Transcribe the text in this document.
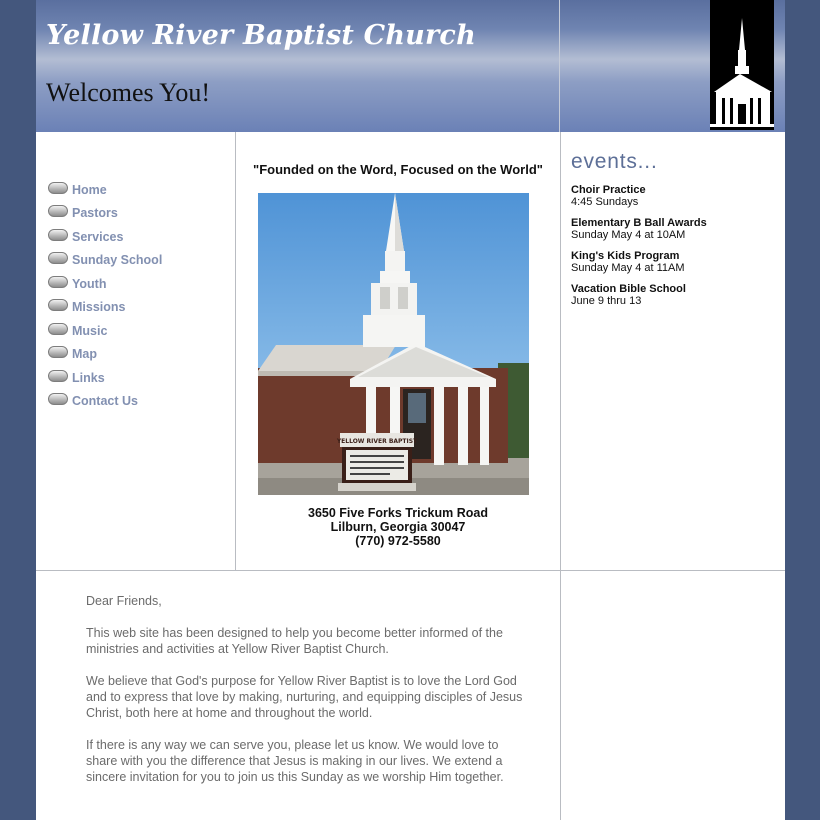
Yellow River Baptist Church
Welcomes You!
Home
Pastors
Services
Sunday School
Youth
Missions
Music
Map
Links
Contact Us
"Founded on the Word, Focused on the World"
YELLOW RIVER BAPTIST
3650 Five Forks Trickum Road
Lilburn, Georgia 30047
(770) 972-5580
events...
Choir Practice
4:45 Sundays
Elementary B Ball Awards
Sunday May 4 at 10AM
King's Kids Program
Sunday May 4 at 11AM
Vacation Bible School
June 9 thru 13

Dear Friends,

This web site has been designed to help you become better informed of the ministries and activities at Yellow River Baptist Church.

We believe that God's purpose for Yellow River Baptist is to love the Lord God and to express that love by making, nurturing, and equipping disciples of Jesus Christ, both here at home and throughout the world.

If there is any way we can serve you, please let us know. We would love to share with you the difference that Jesus is making in our lives. We extend a sincere invitation for you to join us this Sunday as we worship Him together.
